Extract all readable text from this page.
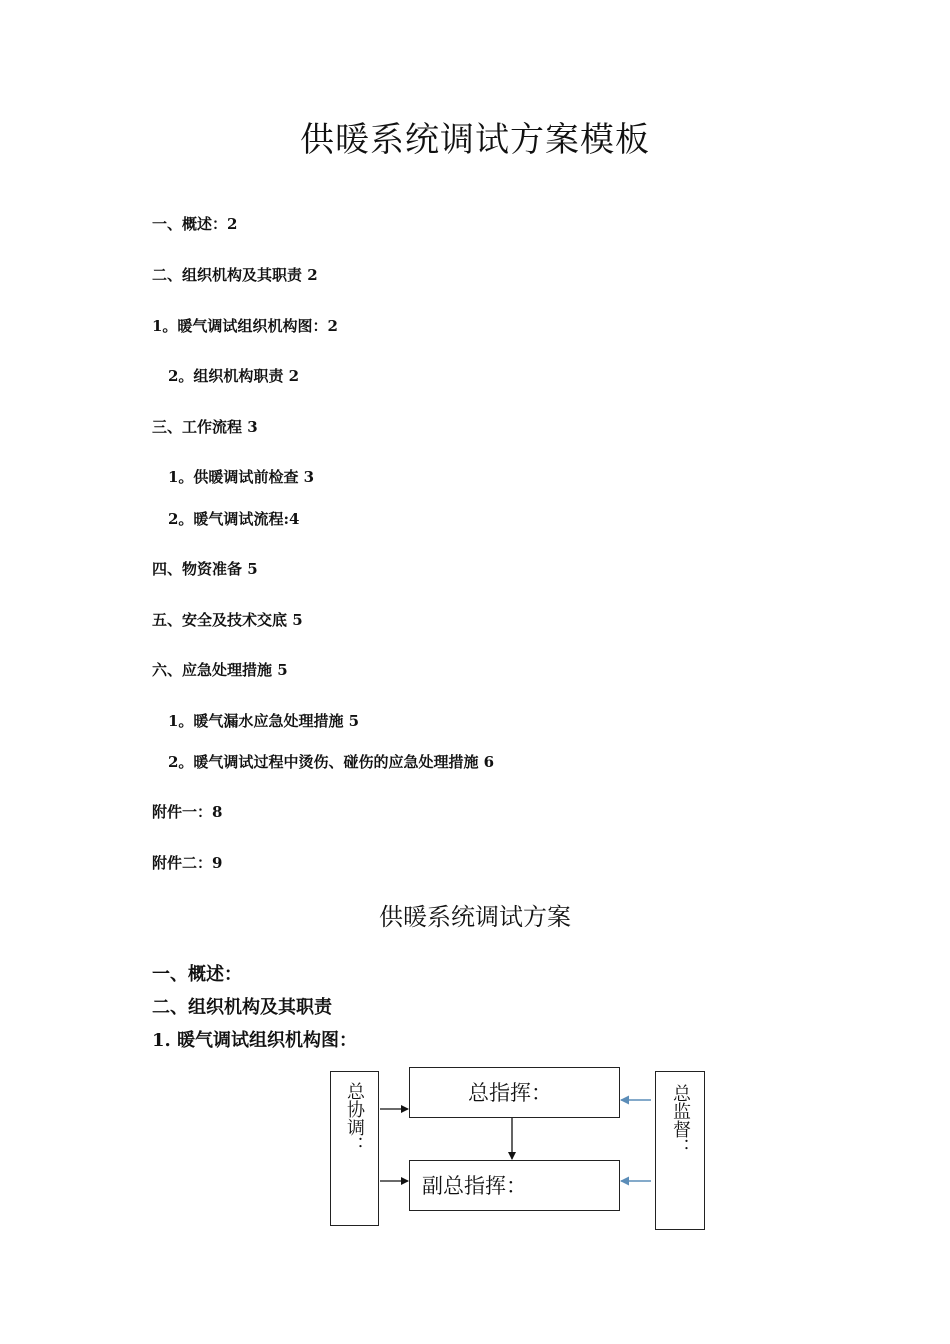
供暖系统调试方案模板
一、概述：2
二、组织机构及其职责 2
1。暖气调试组织机构图：2
2。组织机构职责 2
三、工作流程 3
1。供暖调试前检查 3
2。暖气调试流程:4
四、物资准备 5
五、安全及技术交底 5
六、应急处理措施 5
1。暖气漏水应急处理措施 5
2。暖气调试过程中烫伤、碰伤的应急处理措施 6
附件一：8
附件二：9
供暖系统调试方案
一、概述：
二、组织机构及其职责
1. 暖气调试组织机构图：
总协调：	总指挥：
副总指挥：
总监督：
